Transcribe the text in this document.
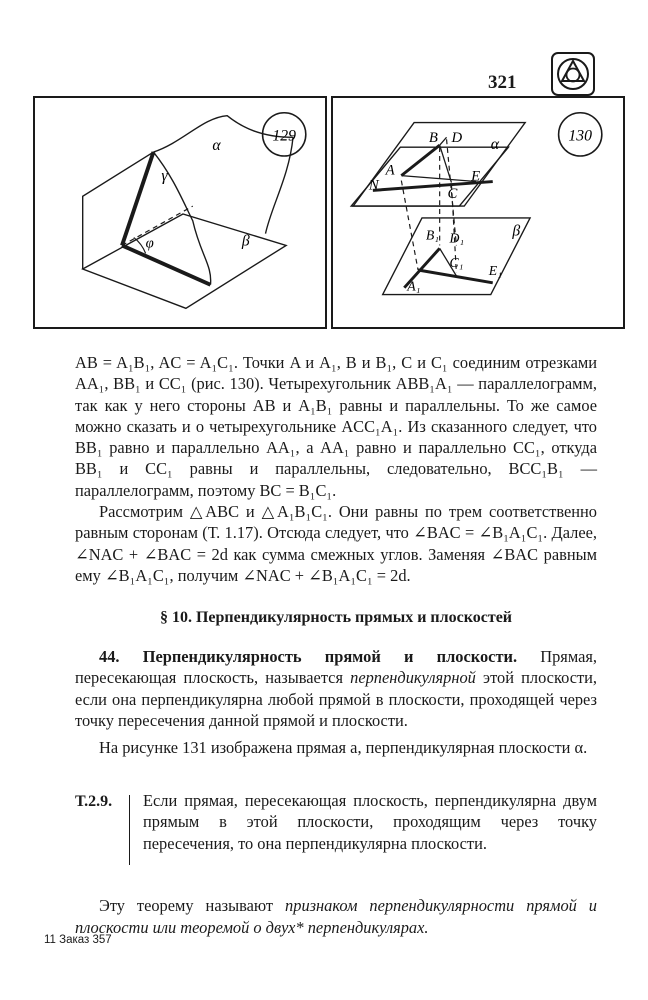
321
129
γ
α
φ	β
130
B D α
A
N
C
E
B₁ D₁	β
C₁
A₁
E₁

AB = A₁B₁, AC = A₁C₁. Точки A и A₁, B и B₁, C и C₁ соединим отрезками AA₁, BB₁ и CC₁ (рис. 130). Четырехугольник ABB₁A₁ — параллелограмм, так как у него стороны AB и A₁B₁ равны и параллельны. То же самое можно сказать и о четырехугольнике ACC₁A₁. Из сказанного следует, что BB₁ равно и параллельно AA₁, а AA₁ равно и параллельно CC₁, откуда BB₁ и CC₁ равны и параллельны, следовательно, BCC₁B₁ — параллелограмм, поэтому BC = B₁C₁.

Рассмотрим △ABC и △A₁B₁C₁. Они равны по трем соответственно равным сторонам (Т. 1.17). Отсюда следует, что ∠BAC = ∠B₁A₁C₁. Далее, ∠NAC + ∠BAC = 2d как сумма смежных углов. Заменяя ∠BAC равным ему ∠B₁A₁C₁, получим ∠NAC + ∠B₁A₁C₁ = 2d.

§ 10. Перпендикулярность прямых и плоскостей

44. Перпендикулярность прямой и плоскости. Прямая, пересекающая плоскость, называется перпендикулярной этой плоскости, если она перпендикулярна любой прямой в плоскости, проходящей через точку пересечения данной прямой и плоскости.

На рисунке 131 изображена прямая a, перпендикулярная плоскости α.

Т.2.9. Если прямая, пересекающая плоскость, перпендикулярна двум прямым в этой плоскости, проходящим через точку пересечения, то она перпендикулярна плоскости.

Эту теорему называют признаком перпендикулярности прямой и плоскости или теоремой о двух* перпендикулярах.

11 Заказ 357
